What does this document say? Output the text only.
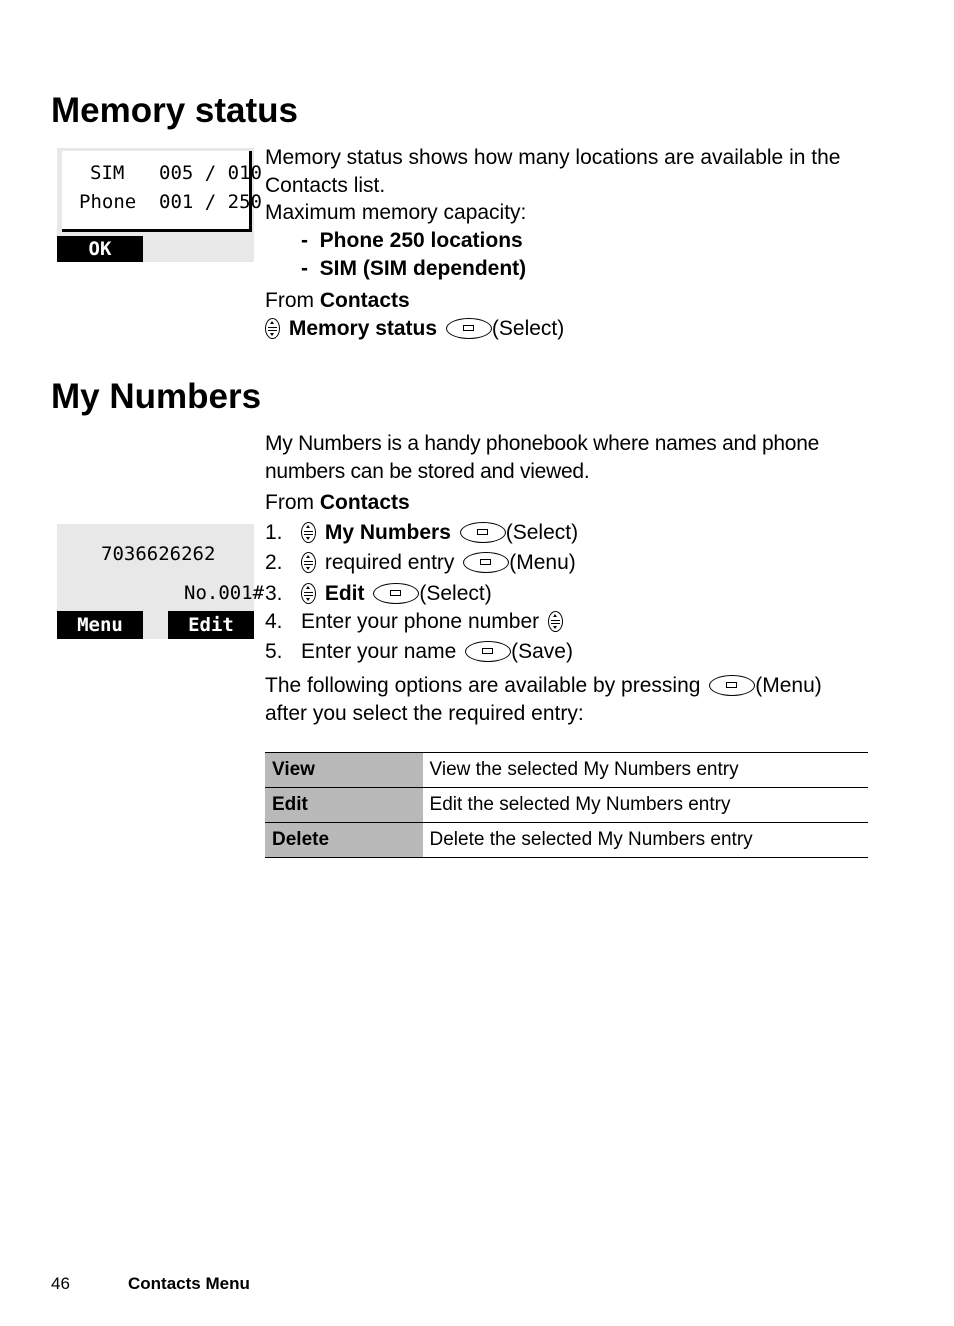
Memory status
SIM 005 / 010
Phone 001 / 250
OK
Memory status shows how many locations are available in the Contacts list.
Maximum memory capacity:
-  Phone 250 locations
-  SIM (SIM dependent)
From Contacts
Memory status	(Select)
My Numbers
My Numbers is a handy phonebook where names and phone numbers can be stored and viewed.
From Contacts
7036626262
No.001#
Menu	Edit
1. My Numbers	(Select)
2. required entry	(Menu)
3. Edit	(Select)
4. Enter your phone number
5. Enter your name	(Save)
The following options are available by pressing	(Menu)
after you select the required entry:
View	View the selected My Numbers entry
Edit	Edit the selected My Numbers entry
Delete	Delete the selected My Numbers entry
46	Contacts Menu
